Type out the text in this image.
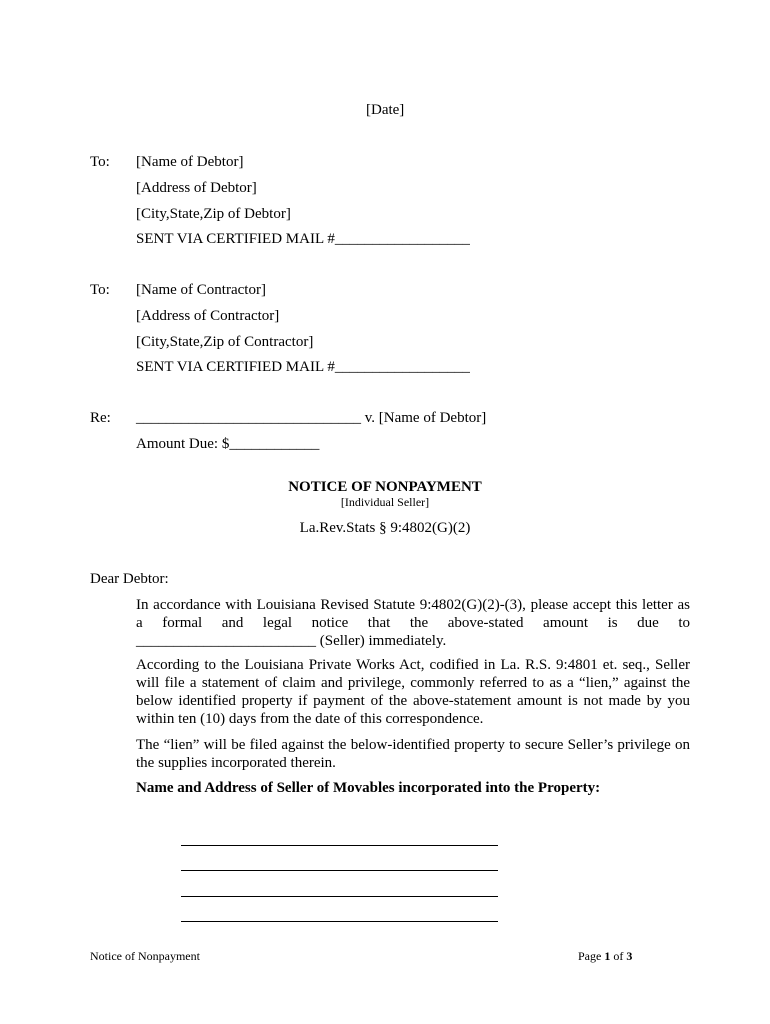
[Date]
To: [Name of Debtor]
[Address of Debtor]
[City,State,Zip of Debtor]
SENT VIA CERTIFIED MAIL #__________________
To: [Name of Contractor]
[Address of Contractor]
[City,State,Zip of Contractor]
SENT VIA CERTIFIED MAIL #__________________
Re: ______________________________ v. [Name of Debtor]
Amount Due: $____________
NOTICE OF NONPAYMENT
[Individual Seller]
La.Rev.Stats § 9:4802(G)(2)
Dear Debtor:

In accordance with Louisiana Revised Statute 9:4802(G)(2)-(3), please accept this letter as a formal and legal notice that the above-stated amount is due to ________________________ (Seller) immediately.

According to the Louisiana Private Works Act, codified in La. R.S. 9:4801 et. seq., Seller will file a statement of claim and privilege, commonly referred to as a “lien,” against the below identified property if payment of the above-statement amount is not made by you within ten (10) days from the date of this correspondence.

The “lien” will be filed against the below-identified property to secure Seller’s privilege on the supplies incorporated therein.

Name and Address of Seller of Movables incorporated into the Property:
Notice of Nonpayment	Page 1 of 3
